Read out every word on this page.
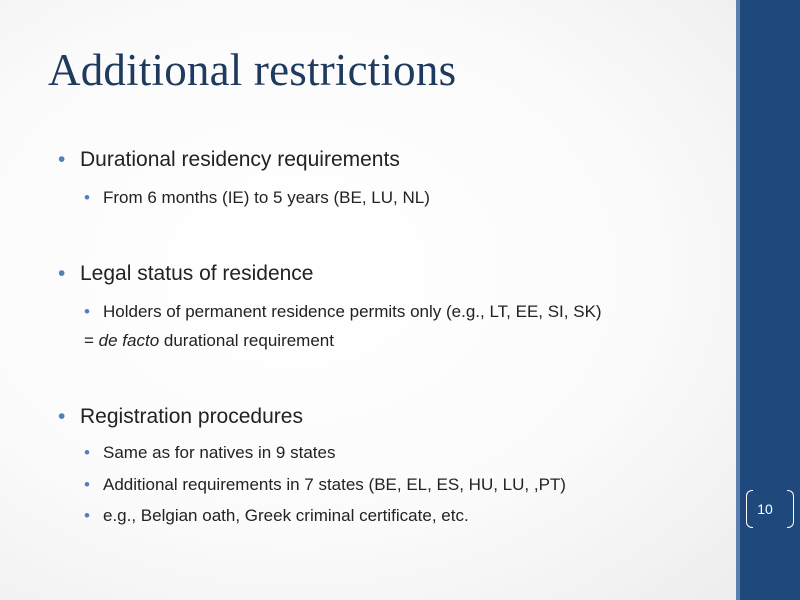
Additional restrictions
• Durational residency requirements
• From 6 months (IE) to 5 years (BE, LU, NL)
• Legal status of residence
• Holders of permanent residence permits only (e.g., LT, EE, SI, SK)
= de facto durational requirement
• Registration procedures
• Same as for natives in 9 states
• Additional requirements in 7 states (BE, EL, ES, HU, LU, ,PT)
• e.g., Belgian oath, Greek criminal certificate, etc.	10
